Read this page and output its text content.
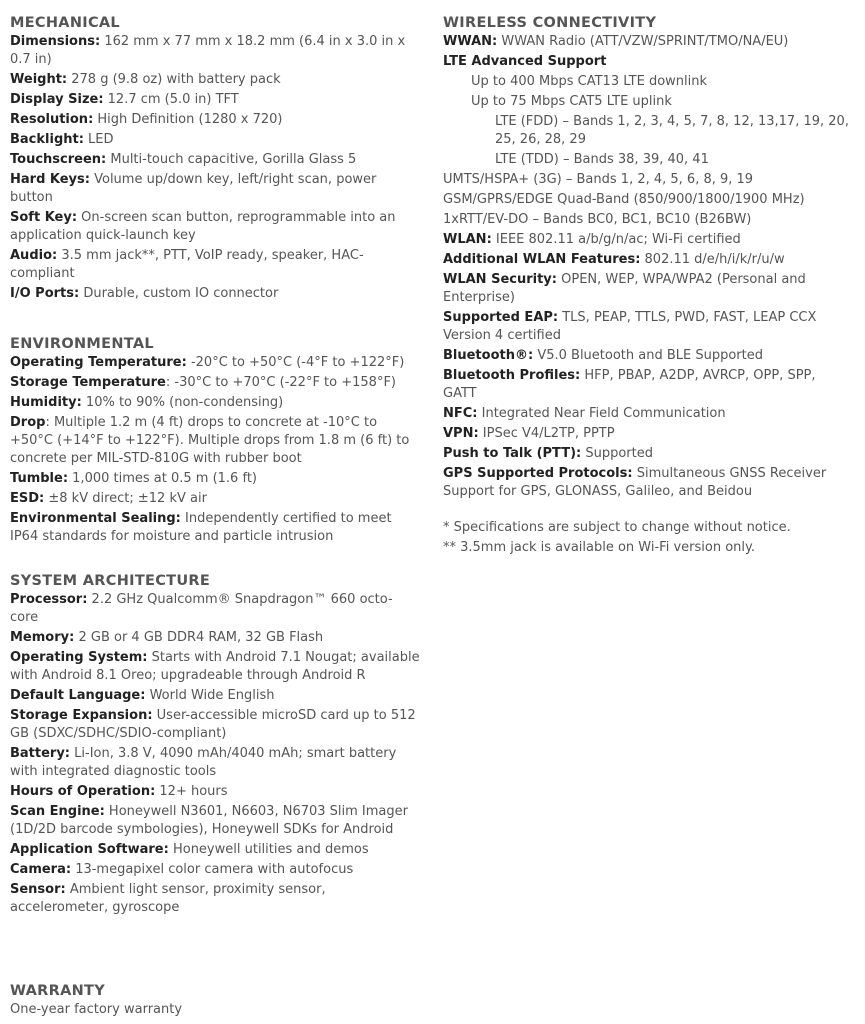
MECHANICAL
Dimensions: 162 mm x 77 mm x 18.2 mm (6.4 in x 3.0 in x 0.7 in)
Weight: 278 g (9.8 oz) with battery pack
Display Size: 12.7 cm (5.0 in) TFT
Resolution: High Definition (1280 x 720)
Backlight: LED
Touchscreen: Multi-touch capacitive, Gorilla Glass 5
Hard Keys: Volume up/down key, left/right scan, power button
Soft Key: On-screen scan button, reprogrammable into an application quick-launch key
Audio: 3.5 mm jack**, PTT, VoIP ready, speaker, HAC-compliant
I/O Ports: Durable, custom IO connector
ENVIRONMENTAL
Operating Temperature: -20°C to +50°C (-4°F to +122°F)
Storage Temperature: -30°C to +70°C (-22°F to +158°F)
Humidity: 10% to 90% (non-condensing)
Drop: Multiple 1.2 m (4 ft) drops to concrete at -10°C to +50°C (+14°F to +122°F). Multiple drops from 1.8 m (6 ft) to concrete per MIL-STD-810G with rubber boot
Tumble: 1,000 times at 0.5 m (1.6 ft)
ESD: ±8 kV direct; ±12 kV air
Environmental Sealing: Independently certified to meet IP64 standards for moisture and particle intrusion
SYSTEM ARCHITECTURE
Processor: 2.2 GHz Qualcomm® Snapdragon™ 660 octo-core
Memory: 2 GB or 4 GB DDR4 RAM, 32 GB Flash
Operating System: Starts with Android 7.1 Nougat; available with Android 8.1 Oreo; upgradeable through Android R
Default Language: World Wide English
Storage Expansion: User-accessible microSD card up to 512 GB (SDXC/SDHC/SDIO-compliant)
Battery: Li-Ion, 3.8 V, 4090 mAh/4040 mAh; smart battery with integrated diagnostic tools
Hours of Operation: 12+ hours
Scan Engine: Honeywell N3601, N6603, N6703 Slim Imager (1D/2D barcode symbologies), Honeywell SDKs for Android
Application Software: Honeywell utilities and demos
Camera: 13-megapixel color camera with autofocus
Sensor: Ambient light sensor, proximity sensor, accelerometer, gyroscope
WARRANTY
One-year factory warranty
WIRELESS CONNECTIVITY
WWAN: WWAN Radio (ATT/VZW/SPRINT/TMO/NA/EU)
LTE Advanced Support
Up to 400 Mbps CAT13 LTE downlink
Up to 75 Mbps CAT5 LTE uplink
LTE (FDD) – Bands 1, 2, 3, 4, 5, 7, 8, 12, 13,17, 19, 20, 25, 26, 28, 29
LTE (TDD) – Bands 38, 39, 40, 41
UMTS/HSPA+ (3G) – Bands 1, 2, 4, 5, 6, 8, 9, 19
GSM/GPRS/EDGE Quad-Band (850/900/1800/1900 MHz)
1xRTT/EV-DO – Bands BC0, BC1, BC10 (B26BW)
WLAN: IEEE 802.11 a/b/g/n/ac; Wi-Fi certified
Additional WLAN Features: 802.11 d/e/h/i/k/r/u/w
WLAN Security: OPEN, WEP, WPA/WPA2 (Personal and Enterprise)
Supported EAP: TLS, PEAP, TTLS, PWD, FAST, LEAP CCX Version 4 certified
Bluetooth®: V5.0 Bluetooth and BLE Supported
Bluetooth Profiles: HFP, PBAP, A2DP, AVRCP, OPP, SPP, GATT
NFC: Integrated Near Field Communication
VPN: IPSec V4/L2TP, PPTP
Push to Talk (PTT): Supported
GPS Supported Protocols: Simultaneous GNSS Receiver Support for GPS, GLONASS, Galileo, and Beidou
* Specifications are subject to change without notice.
** 3.5mm jack is available on Wi-Fi version only.
